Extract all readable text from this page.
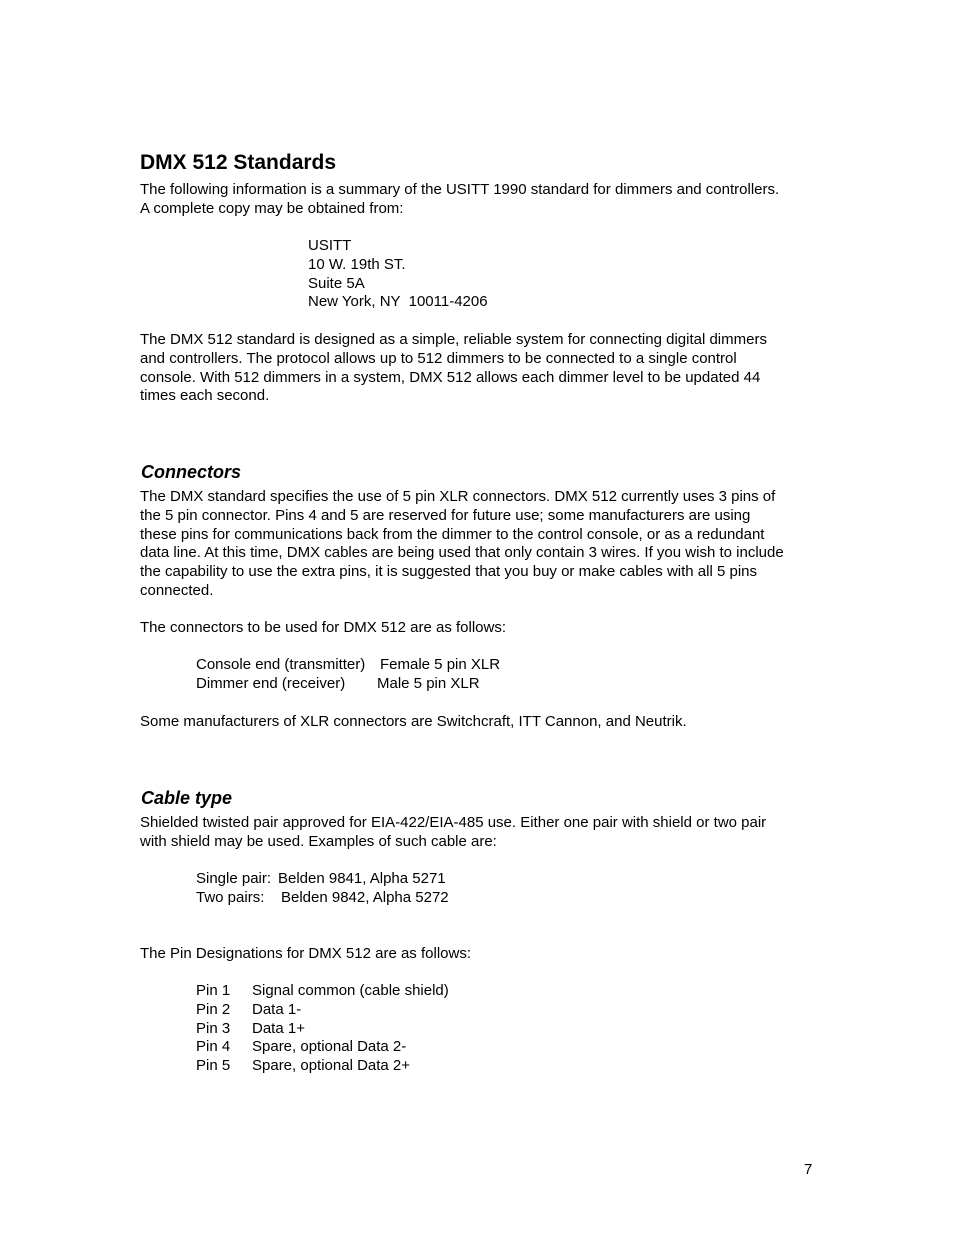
DMX 512 Standards
The following information is a summary of the USITT 1990 standard for dimmers and controllers.
A complete copy may be obtained from:
USITT
10 W. 19th ST.
Suite 5A
New York, NY  10011-4206
The DMX 512 standard is designed as a simple, reliable system for connecting digital dimmers
and controllers. The protocol allows up to 512 dimmers to be connected to a single control
console. With 512 dimmers in a system, DMX 512 allows each dimmer level to be updated 44
times each second.
Connectors
The DMX standard specifies the use of 5 pin XLR connectors. DMX 512 currently uses 3 pins of
the 5 pin connector. Pins 4 and 5 are reserved for future use; some manufacturers are using
these pins for communications back from the dimmer to the control console, or as a redundant
data line. At this time, DMX cables are being used that only contain 3 wires. If you wish to include
the capability to use the extra pins, it is suggested that you buy or make cables with all 5 pins
connected.
The connectors to be used for DMX 512 are as follows:
Console end (transmitter) Female 5 pin XLR
Dimmer end (receiver) Male 5 pin XLR
Some manufacturers of XLR connectors are Switchcraft, ITT Cannon, and Neutrik.
Cable type
Shielded twisted pair approved for EIA-422/EIA-485 use. Either one pair with shield or two pair
with shield may be used. Examples of such cable are:
Single pair: Belden 9841, Alpha 5271
Two pairs: Belden 9842, Alpha 5272
The Pin Designations for DMX 512 are as follows:
Pin 1 Signal common (cable shield)
Pin 2 Data 1-
Pin 3 Data 1+
Pin 4 Spare, optional Data 2-
Pin 5 Spare, optional Data 2+
7
